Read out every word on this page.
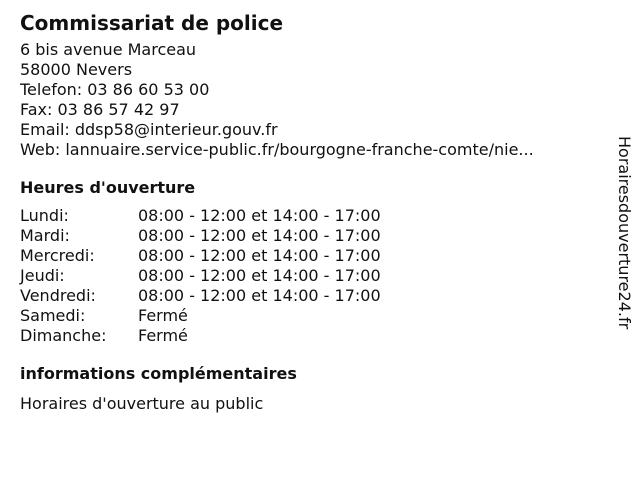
Commissariat de police
6 bis avenue Marceau
58000 Nevers
Telefon: 03 86 60 53 00
Fax: 03 86 57 42 97
Email: ddsp58@interieur.gouv.fr
Web: lannuaire.service-public.fr/bourgogne-franche-comte/nie...
Heures d'ouverture
Lundi:	08:00 - 12:00 et 14:00 - 17:00
Mardi:	08:00 - 12:00 et 14:00 - 17:00
Mercredi:	08:00 - 12:00 et 14:00 - 17:00
Jeudi:	08:00 - 12:00 et 14:00 - 17:00
Vendredi:	08:00 - 12:00 et 14:00 - 17:00
Samedi:	Fermé
Dimanche:	Fermé
informations complémentaires
Horaires d'ouverture au public
Horairesdouverture24.fr
